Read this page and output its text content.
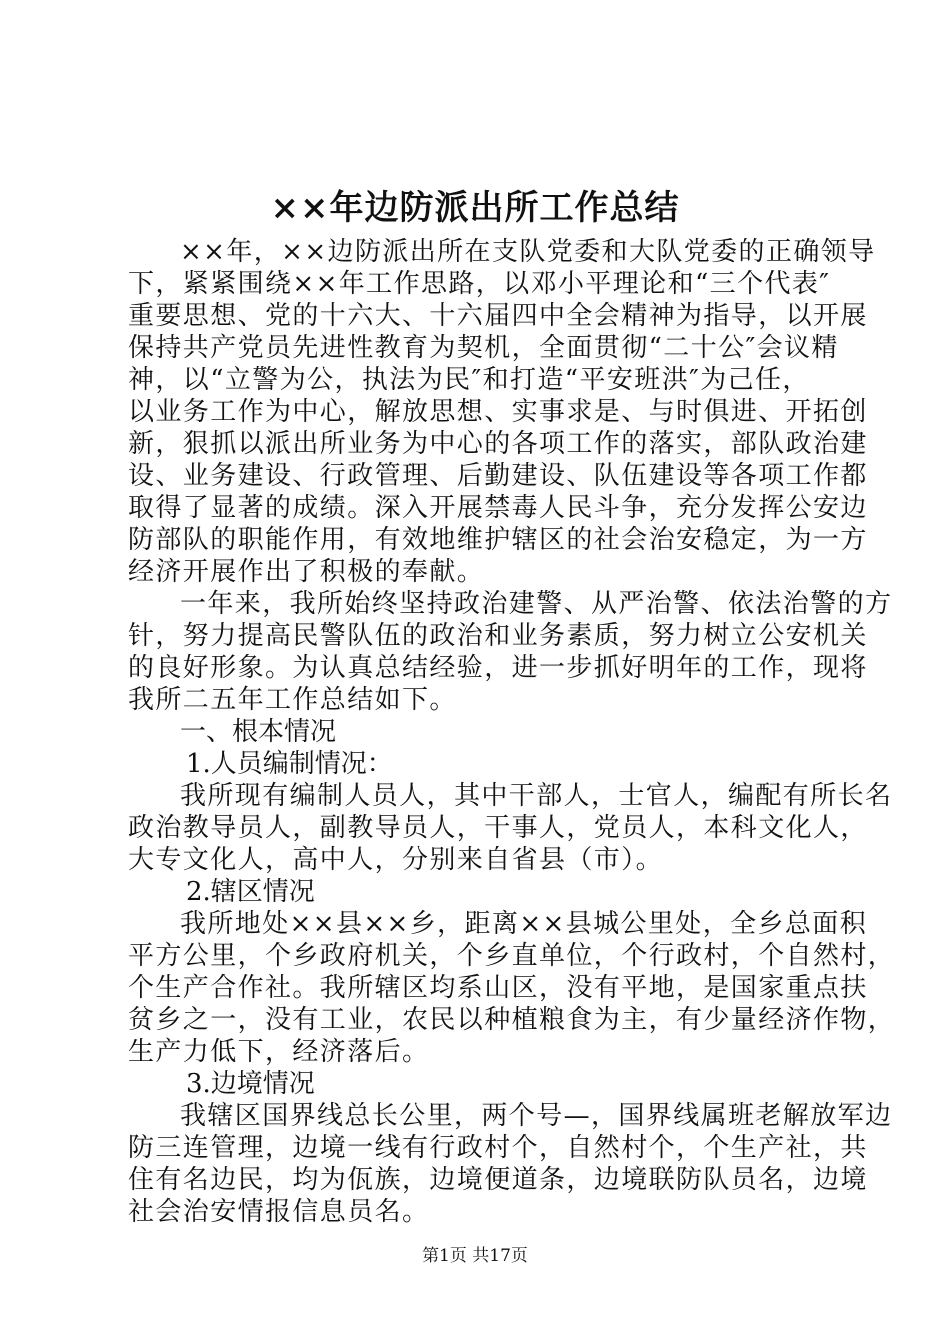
××年边防派出所工作总结
××年，××边防派出所在支队党委和大队党委的正确领导
下，紧紧围绕××年工作思路，以邓小平理论和“三个代表″
重要思想、党的十六大、十六届四中全会精神为指导，以开展
保持共产党员先进性教育为契机，全面贯彻“二十公″会议精
神，以“立警为公，执法为民″和打造“平安班洪″为己任，
以业务工作为中心，解放思想、实事求是、与时俱进、开拓创
新，狠抓以派出所业务为中心的各项工作的落实，部队政治建
设、业务建设、行政管理、后勤建设、队伍建设等各项工作都
取得了显著的成绩。深入开展禁毒人民斗争，充分发挥公安边
防部队的职能作用，有效地维护辖区的社会治安稳定，为一方
经济开展作出了积极的奉献。
一年来，我所始终坚持政治建警、从严治警、依法治警的方
针，努力提高民警队伍的政治和业务素质，努力树立公安机关
的良好形象。为认真总结经验，进一步抓好明年的工作，现将
我所二五年工作总结如下。
一、根本情况
1.人员编制情况：
我所现有编制人员人，其中干部人，士官人，编配有所长名
政治教导员人，副教导员人，干事人，党员人，本科文化人，
大专文化人，高中人，分别来自省县（市）。
2.辖区情况
我所地处××县××乡，距离××县城公里处，全乡总面积
平方公里，个乡政府机关，个乡直单位，个行政村，个自然村，
个生产合作社。我所辖区均系山区，没有平地，是国家重点扶
贫乡之一，没有工业，农民以种植粮食为主，有少量经济作物，
生产力低下，经济落后。
3.边境情况
我辖区国界线总长公里，两个号—，国界线属班老解放军边
防三连管理，边境一线有行政村个，自然村个，个生产社，共
住有名边民，均为佤族，边境便道条，边境联防队员名，边境
社会治安情报信息员名。
第1页 共17页
